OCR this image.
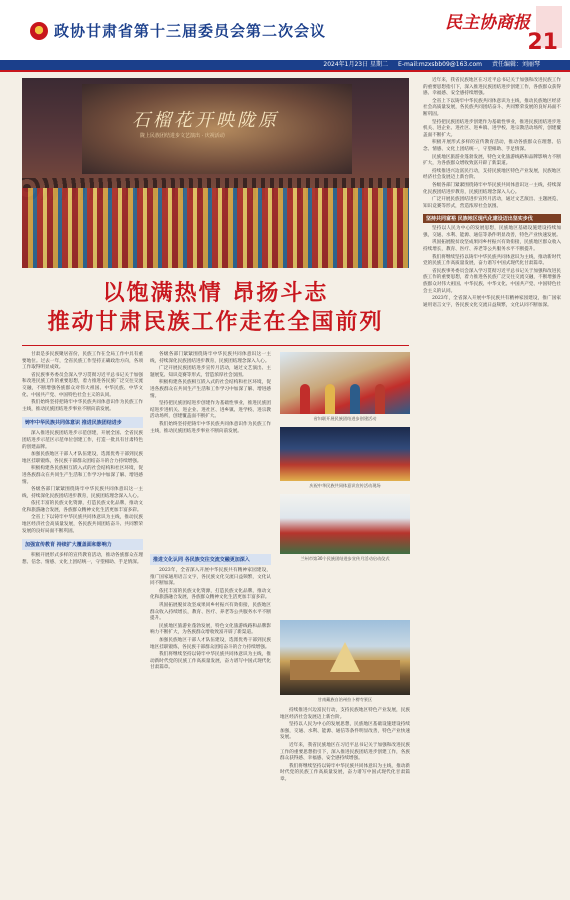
政协甘肃省第十三届委员会第二次会议	民主协商报
21
2024年1月23日 星期二 E-mail:mzxsbb09@163.com 责任编辑：刘丽琴
石榴花开映陇原
陇上民族团结进步文艺演出 · 庆祝活动

近年来，我省民族地区在习近平总书记关于加强和改进民族工作的重要思想指引下，深入推进民族团结进步创建工作，各族群众获得感、幸福感、安全感持续增强。

全省上下以铸牢中华民族共同体意识为主线，推动民族地区经济社会高质量发展，各民族共同团结奋斗、共同繁荣发展的良好局面不断巩固。

坚持把民族团结进步创建作为基础性事业，推进民族团结进步进机关、进企业、进社区、进乡镇、进学校、进宗教活动场所，创建覆盖面不断扩大。

积极开展形式多样的宣传教育活动，推动各族群众在理想、信念、情感、文化上团结统一，守望相助、手足情深。

民族地区旅游业蓬勃发展，特色文化旅游线路和品牌影响力不断扩大，为各族群众增收致富开辟了新渠道。

持续推进兴边富民行动，支持民族地区特色产业发展，民族地区经济社会发展迈上新台阶。

各级各部门紧紧围绕铸牢中华民族共同体意识这一主线，持续深化民族团结进步教育，民族团结理念深入人心。

广泛开展民族团结进步宣传月活动，通过文艺演出、主题展览、知识竞赛等形式，营造浓厚社会氛围。

坚持共同富裕 民族地区现代化建设迈出坚实步伐

坚持以人民为中心的发展思想，民族地区基础设施建设持续加强，交通、水利、能源、通信等条件明显改善，特色产业快速发展。

巩固拓展脱贫攻坚成果同乡村振兴有效衔接，民族地区群众收入持续增长，教育、医疗、养老等公共服务水平不断提升。

我们将继续坚持以铸牢中华民族共同体意识为主线，推动新时代党的民族工作高质量发展，奋力谱写中国式现代化甘肃篇章。

省民族事务委员会深入学习贯彻习近平总书记关于加强和改进民族工作的重要思想，着力推进各民族广泛交往交流交融，不断增强各族群众对伟大祖国、中华民族、中华文化、中国共产党、中国特色社会主义的认同。

2023年，全省深入开展中华民族共有精神家园建设，推广国家通用语言文字，各民族文化交流日益频繁，文化认同不断加深。

以饱满热情 昂扬斗志
推动甘肃民族工作走在全国前列

甘肃是多民族聚居省份，民族工作在全局工作中具有重要地位。过去一年，全省民族工作坚持正确政治方向，各项工作取得明显成效。

省民族事务委员会深入学习贯彻习近平总书记关于加强和改进民族工作的重要思想，着力推进各民族广泛交往交流交融，不断增强各族群众对伟大祖国、中华民族、中华文化、中国共产党、中国特色社会主义的认同。

我们始终坚持把铸牢中华民族共同体意识作为民族工作主线，推动民族团结进步事业不断向前发展。

铸牢中华民族共同体意识 推进民族团结进步

深入推进民族团结进步示范创建，开展全国、全省民族团结进步示范区示范单位创建工作，打造一批具有甘肃特色的创建品牌。

加强民族地区干部人才队伍建设，选派优秀干部到民族地区挂职锻炼，各民族干部群众团结奋斗的合力持续增强。

积极构建各民族相互嵌入式的社会结构和社区环境，促进各族群众在共同生产生活和工作学习中加深了解、增进感情。

各级各部门紧紧围绕铸牢中华民族共同体意识这一主线，持续深化民族团结进步教育，民族团结理念深入人心。

依托丰富的民族文化资源，打造民族文化品牌，推动文化和旅游融合发展，各族群众精神文化生活更加丰富多彩。

全省上下以铸牢中华民族共同体意识为主线，推动民族地区经济社会高质量发展，各民族共同团结奋斗、共同繁荣发展的良好局面不断巩固。

加强宣传教育 持续扩大覆盖面和影响力

积极开展形式多样的宣传教育活动，推动各族群众在理想、信念、情感、文化上团结统一，守望相助、手足情深。

各级各部门紧紧围绕铸牢中华民族共同体意识这一主线，持续深化民族团结进步教育，民族团结理念深入人心。

广泛开展民族团结进步宣传月活动，通过文艺演出、主题展览、知识竞赛等形式，营造浓厚社会氛围。

积极构建各民族相互嵌入式的社会结构和社区环境，促进各族群众在共同生产生活和工作学习中加深了解、增进感情。

坚持把民族团结进步创建作为基础性事业，推进民族团结进步进机关、进企业、进社区、进乡镇、进学校、进宗教活动场所，创建覆盖面不断扩大。

我们始终坚持把铸牢中华民族共同体意识作为民族工作主线，推动民族团结进步事业不断向前发展。

推进文化认同 各民族交往交流交融更加深入

2023年，全省深入开展中华民族共有精神家园建设，推广国家通用语言文字，各民族文化交流日益频繁，文化认同不断加深。

依托丰富的民族文化资源，打造民族文化品牌，推动文化和旅游融合发展，各族群众精神文化生活更加丰富多彩。

巩固拓展脱贫攻坚成果同乡村振兴有效衔接，民族地区群众收入持续增长，教育、医疗、养老等公共服务水平不断提升。

民族地区旅游业蓬勃发展，特色文化旅游线路和品牌影响力不断扩大，为各族群众增收致富开辟了新渠道。

加强民族地区干部人才队伍建设，选派优秀干部到民族地区挂职锻炼，各民族干部群众团结奋斗的合力持续增强。

我们将继续坚持以铸牢中华民族共同体意识为主线，推动新时代党的民族工作高质量发展，奋力谱写中国式现代化甘肃篇章。

省妇联开展民族团结进步创建活动
庆祝中华民族共同体意识宣传活动现场
兰州市第30个民族团结进步宣传月活动启动仪式
甘南藏族自治州拉卜楞寺景区

持续推进兴边富民行动，支持民族地区特色产业发展，民族地区经济社会发展迈上新台阶。

坚持以人民为中心的发展思想，民族地区基础设施建设持续加强，交通、水利、能源、通信等条件明显改善，特色产业快速发展。

近年来，我省民族地区在习近平总书记关于加强和改进民族工作的重要思想指引下，深入推进民族团结进步创建工作，各族群众获得感、幸福感、安全感持续增强。

我们将继续坚持以铸牢中华民族共同体意识为主线，推动新时代党的民族工作高质量发展，奋力谱写中国式现代化甘肃篇章。
